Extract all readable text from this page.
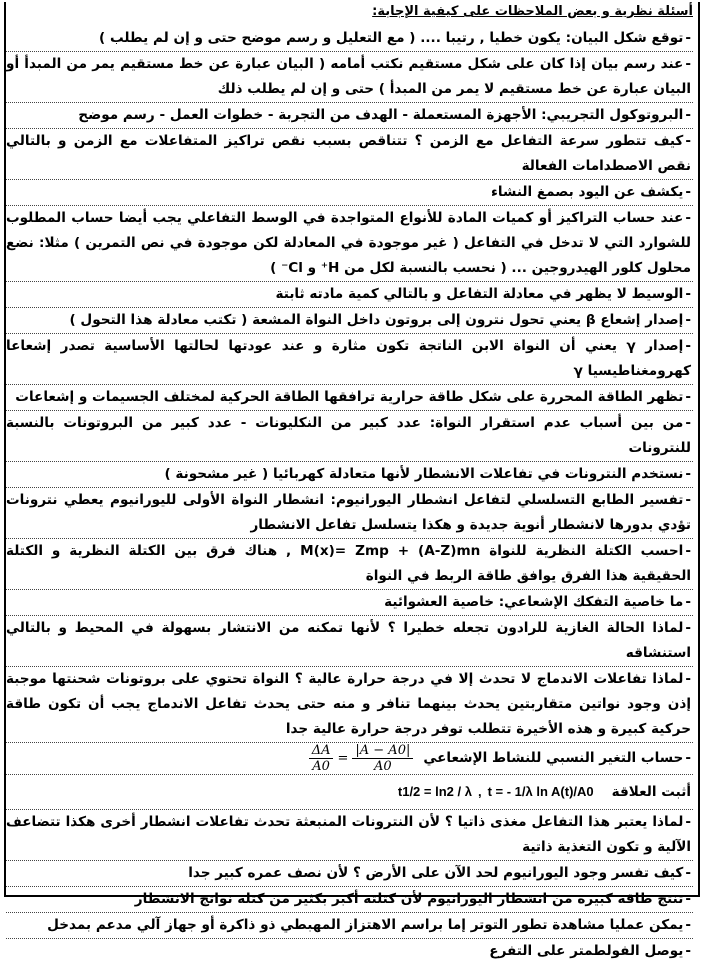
أسئلة نظرية و بعض الملاحظات على كيفية الإجابة:
-توقع شكل البيان: يكون خطيا , رتيبا .... ( مع التعليل و رسم موضح حتى و إن لم يطلب )
-عند رسم بيان إذا كان على شكل مستقيم نكتب أمامه ( البيان عبارة عن خط مستقيم يمر من المبدأ أو البيان عبارة عن خط مستقيم لا يمر من المبدأ ) حتى و إن لم يطلب ذلك
-البروتوكول التجريبي: الأجهزة المستعملة - الهدف من التجربة - خطوات العمل - رسم موضح
-كيف تتطور سرعة التفاعل مع الزمن ؟ تتناقص بسبب نقص تراكيز المتفاعلات مع الزمن و بالتالي نقص الاصطدامات الفعالة
-يكشف عن اليود بصمغ النشاء
-عند حساب التراكيز أو كميات المادة للأنواع المتواجدة في الوسط التفاعلي يجب أيضا حساب المطلوب للشوارد التي لا تدخل في التفاعل ( غير موجودة في المعادلة لكن موجودة في نص التمرين ) مثلا: نضع محلول كلور الهيدروجين ... ( نحسب بالنسبة لكل من H⁺ و Cl⁻ )
-الوسيط لا يظهر في معادلة التفاعل و بالتالي كمية مادته ثابتة
-إصدار إشعاع β يعني تحول نترون إلى بروتون داخل النواة المشعة ( تكتب معادلة هذا التحول )
-إصدار γ يعني أن النواة الابن الناتجة تكون مثارة و عند عودتها لحالتها الأساسية تصدر إشعاعا كهرومغناطيسيا γ
-تظهر الطاقة المحررة على شكل طاقة حرارية ترافقها الطاقة الحركية لمختلف الجسيمات و إشعاعات
-من بين أسباب عدم استقرار النواة: عدد كبير من النكليونات - عدد كبير من البروتونات بالنسبة للنترونات
-نستخدم النترونات في تفاعلات الانشطار لأنها متعادلة كهربائيا ( غير مشحونة )
-تفسير الطابع التسلسلي لتفاعل انشطار اليورانيوم: انشطار النواة الأولى لليورانيوم يعطي نترونات تؤدي بدورها لانشطار أنوية جديدة و هكذا يتسلسل تفاعل الانشطار
-احسب الكتلة النظرية للنواة M(x)= Zmp + (A-Z)mn , هناك فرق بين الكتلة النظرية و الكتلة الحقيقية هذا الفرق يوافق طاقة الربط في النواة
-ما خاصية التفكك الإشعاعي: خاصية العشوائية
-لماذا الحالة الغازية للرادون تجعله خطيرا ؟ لأنها تمكنه من الانتشار بسهولة في المحيط و بالتالي استنشاقه
-لماذا تفاعلات الاندماج لا تحدث إلا في درجة حرارة عالية ؟ النواة تحتوي على بروتونات شحنتها موجبة إذن وجود نواتين متقاربتين يحدث بينهما تنافر و منه حتى يحدث تفاعل الاندماج يجب أن تكون طاقة حركية كبيرة و هذه الأخيرة تتطلب توفر درجة حرارة عالية جدا
-
حساب التغير النسبي للنشاط الإشعاعي
$\frac{\Delta A}{A0} = \frac{|A - A0|}{A0}$
أثبت العلاقة
t1/2 = ln2 / λ , t = - 1/λ ln A(t)/A0
-لماذا يعتبر هذا التفاعل مغذى ذاتيا ؟ لأن النترونات المنبعثة تحدث تفاعلات انشطار أخرى هكذا تتضاعف الآلية و تكون التغذية ذاتية
-كيف تفسر وجود اليورانيوم لحد الآن على الأرض ؟ لأن نصف عمره كبير جدا
-تنتج طاقة كبيرة من انشطار اليورانيوم لأن كتلته أكبر بكثير من كتلة نواتج الانشطار
-يمكن عمليا مشاهدة تطور التوتر إما براسم الاهتزاز المهبطي ذو ذاكرة أو جهاز آلي مدعم بمدخل
-يوصل الفولطمتر على التفرع
